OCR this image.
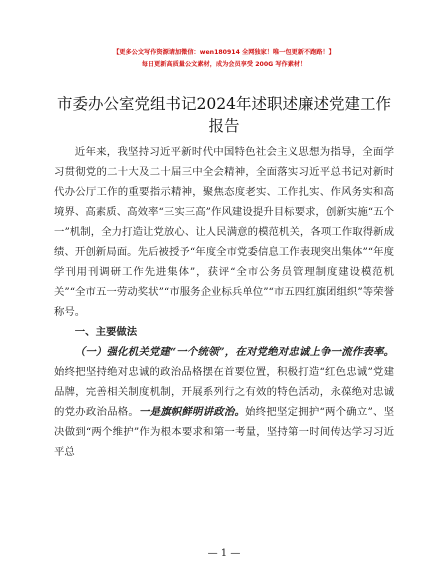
【更多公文写作资源请加微信：wen180914 全网独家！唯一包更新不跑路！】
每日更新高质量公文素材，成为会员享受 200G 写作素材！
市委办公室党组书记2024年述职述廉述党建工作报告

近年来，我坚持习近平新时代中国特色社会主义思想为指导，全面学习贯彻党的二十大及二十届三中全会精神，全面落实习近平总书记对新时代办公厅工作的重要指示精神，聚焦态度老实、工作扎实、作风务实和高境界、高素质、高效率“三实三高”作风建设提升目标要求，创新实施“五个一”机制，全力打造让党放心、让人民满意的模范机关，各项工作取得新成绩、开创新局面。先后被授予“年度全市党委信息工作表现突出集体”“年度学刊用刊调研工作先进集体”，获评“全市公务员管理制度建设模范机关”“全市五一劳动奖状”“市服务企业标兵单位”“市五四红旗团组织”等荣誉称号。

一、主要做法

（一）强化机关党建“一个统领”，在对党绝对忠诚上争一流作表率。始终把坚持绝对忠诚的政治品格摆在首要位置，积极打造“红色忠诚”党建品牌，完善相关制度机制，开展系列行之有效的特色活动，永葆绝对忠诚的党办政治品格。一是旗帜鲜明讲政治。始终把坚定拥护“两个确立”、坚决做到“两个维护”作为根本要求和第一考量，坚持第一时间传达学习习近平总

— 1 —
